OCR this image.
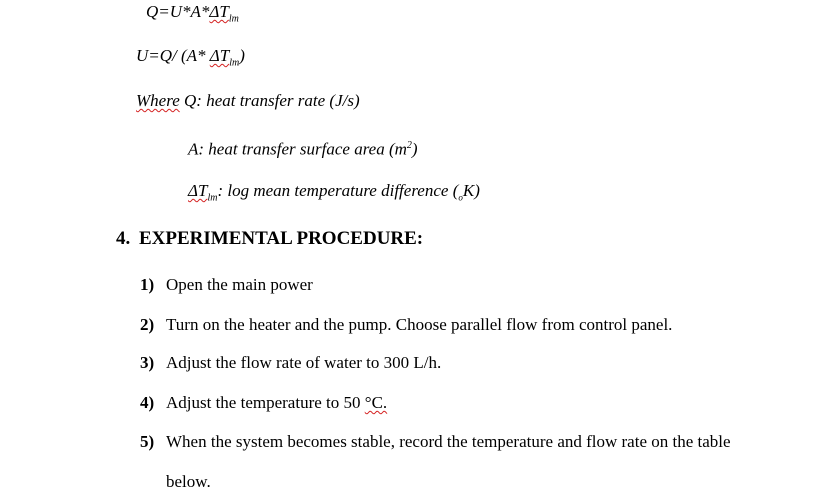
$Q=U*A*\Delta T_{lm}$
U=Q/ (A* $\Delta T_{lm}$)
Where Q: heat transfer rate (J/s)
A: heat transfer surface area $(m^2)$
$\Delta T_{lm}$: log mean temperature difference $(_oK)$
4. EXPERIMENTAL PROCEDURE:
1) Open the main power
2) Turn on the heater and the pump. Choose parallel flow from control panel.
3) Adjust the flow rate of water to 300 L/h.
4) Adjust the temperature to 50 °C.
5) When the system becomes stable, record the temperature and flow rate on the table
below.
